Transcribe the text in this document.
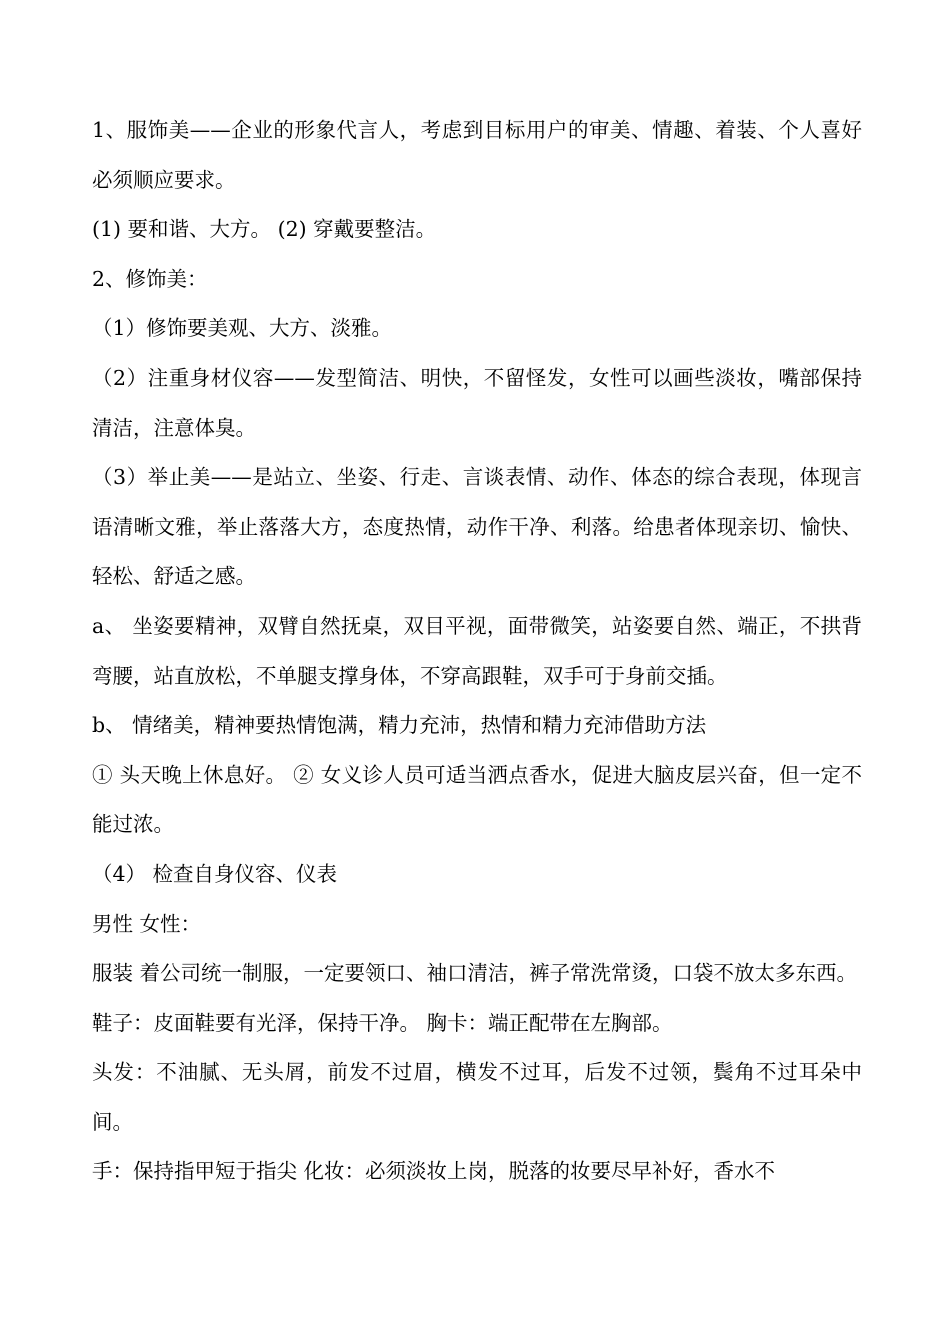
1、服饰美——企业的形象代言人，考虑到目标用户的审美、情趣、着装、个人喜好必须顺应要求。

(1) 要和谐、大方。 (2) 穿戴要整洁。

2、修饰美：

（1）修饰要美观、大方、淡雅。

（2）注重身材仪容——发型简洁、明快，不留怪发，女性可以画些淡妆，嘴部保持清洁，注意体臭。

（3）举止美——是站立、坐姿、行走、言谈表情、动作、体态的综合表现，体现言语清晰文雅，举止落落大方，态度热情，动作干净、利落。给患者体现亲切、愉快、轻松、舒适之感。

a、 坐姿要精神，双臂自然抚桌，双目平视，面带微笑，站姿要自然、端正，不拱背弯腰，站直放松，不单腿支撑身体，不穿高跟鞋，双手可于身前交插。

b、 情绪美，精神要热情饱满，精力充沛，热情和精力充沛借助方法

① 头天晚上休息好。 ② 女义诊人员可适当洒点香水，促进大脑皮层兴奋，但一定不能过浓。

（4） 检查自身仪容、仪表

男性 女性：

服装 着公司统一制服，一定要领口、袖口清洁，裤子常洗常烫，口袋不放太多东西。

鞋子：皮面鞋要有光泽，保持干净。 胸卡：端正配带在左胸部。

头发：不油腻、无头屑，前发不过眉，横发不过耳，后发不过领，鬓角不过耳朵中间。

手：保持指甲短于指尖 化妆：必须淡妆上岗，脱落的妆要尽早补好，香水不
